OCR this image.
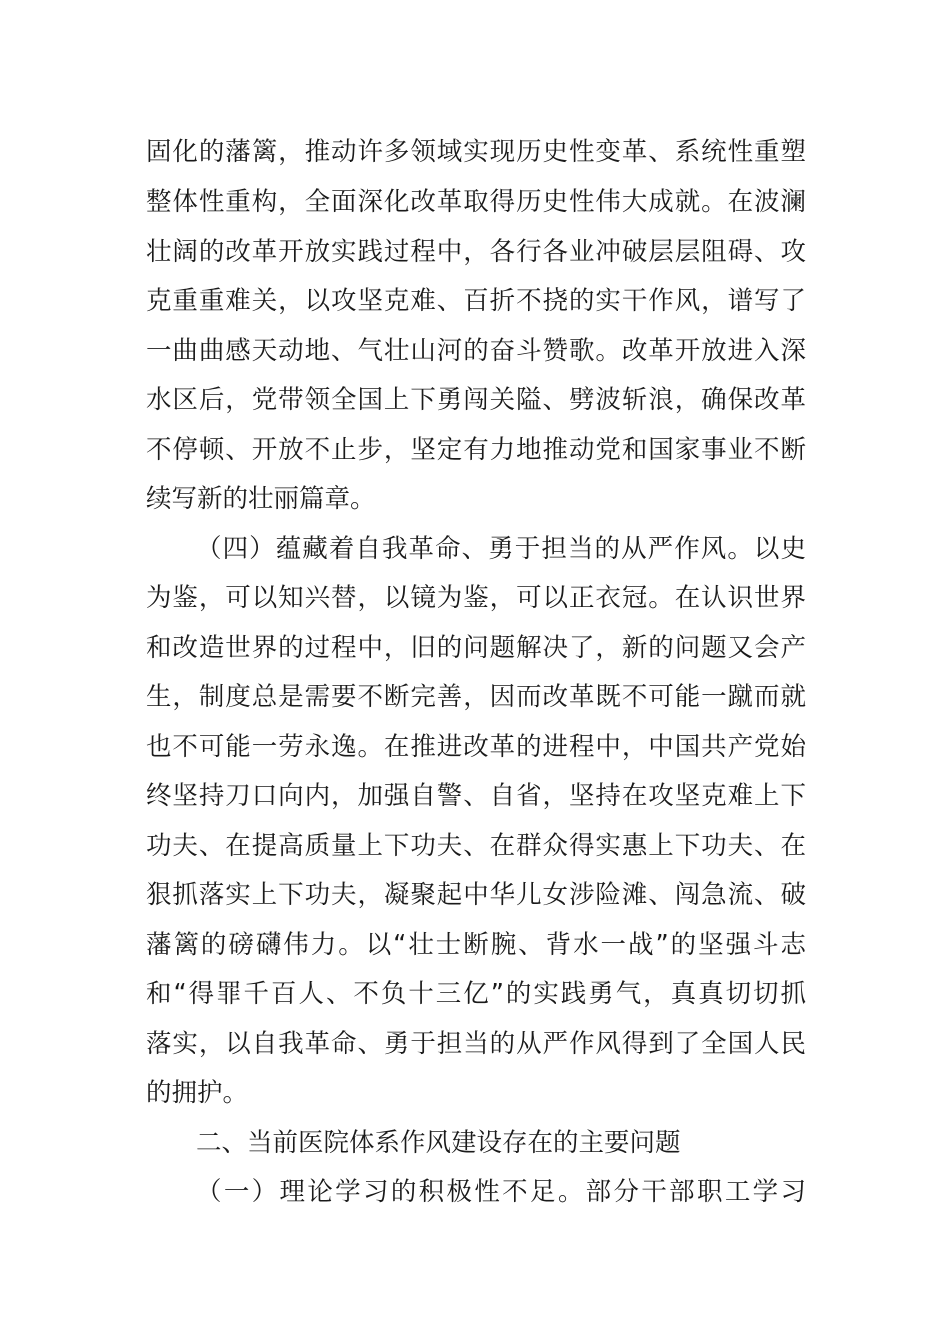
固化的藩篱，推动许多领域实现历史性变革、系统性重塑
整体性重构，全面深化改革取得历史性伟大成就。在波澜
壮阔的改革开放实践过程中，各行各业冲破层层阻碍、攻
克重重难关，以攻坚克难、百折不挠的实干作风，谱写了
一曲曲感天动地、气壮山河的奋斗赞歌。改革开放进入深
水区后，党带领全国上下勇闯关隘、劈波斩浪，确保改革
不停顿、开放不止步，坚定有力地推动党和国家事业不断
续写新的壮丽篇章。
（四）蕴藏着自我革命、勇于担当的从严作风。以史
为鉴，可以知兴替，以镜为鉴，可以正衣冠。在认识世界
和改造世界的过程中，旧的问题解决了，新的问题又会产
生，制度总是需要不断完善，因而改革既不可能一蹴而就
也不可能一劳永逸。在推进改革的进程中，中国共产党始
终坚持刀口向内，加强自警、自省，坚持在攻坚克难上下
功夫、在提高质量上下功夫、在群众得实惠上下功夫、在
狠抓落实上下功夫，凝聚起中华儿女涉险滩、闯急流、破
藩篱的磅礴伟力。以“壮士断腕、背水一战”的坚强斗志
和“得罪千百人、不负十三亿”的实践勇气，真真切切抓
落实，以自我革命、勇于担当的从严作风得到了全国人民
的拥护。
二、当前医院体系作风建设存在的主要问题
（一）理论学习的积极性不足。部分干部职工学习
